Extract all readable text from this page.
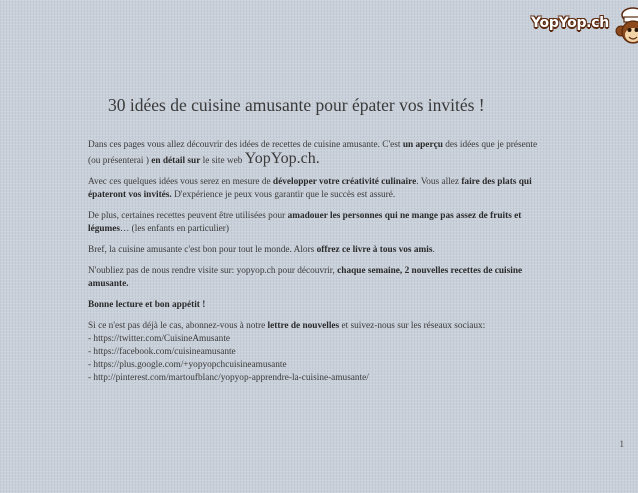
YopYop.ch
30 idées de cuisine amusante pour épater vos invités !

Dans ces pages vous allez découvrir des idées de recettes de cuisine amusante. C'est un aperçu des idées que je présente (ou présenterai ) en détail sur le site web YopYop.ch.

Avec ces quelques idées vous serez en mesure de développer votre créativité culinaire. Vous allez faire des plats qui épateront vos invités. D'expérience je peux vous garantir que le succès est assuré.

De plus, certaines recettes peuvent être utilisées pour amadouer les personnes qui ne mange pas assez de fruits et légumes… (les enfants en particulier)

Bref, la cuisine amusante c'est bon pour tout le monde. Alors offrez ce livre à tous vos amis.

N'oubliez pas de nous rendre visite sur: yopyop.ch pour découvrir, chaque semaine, 2 nouvelles recettes de cuisine amusante.

Bonne lecture et bon appétit !

Si ce n'est pas déjà le cas, abonnez-vous à notre lettre de nouvelles et suivez-nous sur les réseaux sociaux:

- https://twitter.com/CuisineAmusante
- https://facebook.com/cuisineamusante
- https://plus.google.com/+yopyopchcuisineamusante
- http://pinterest.com/martoufblanc/yopyop-apprendre-la-cuisine-amusante/
1
